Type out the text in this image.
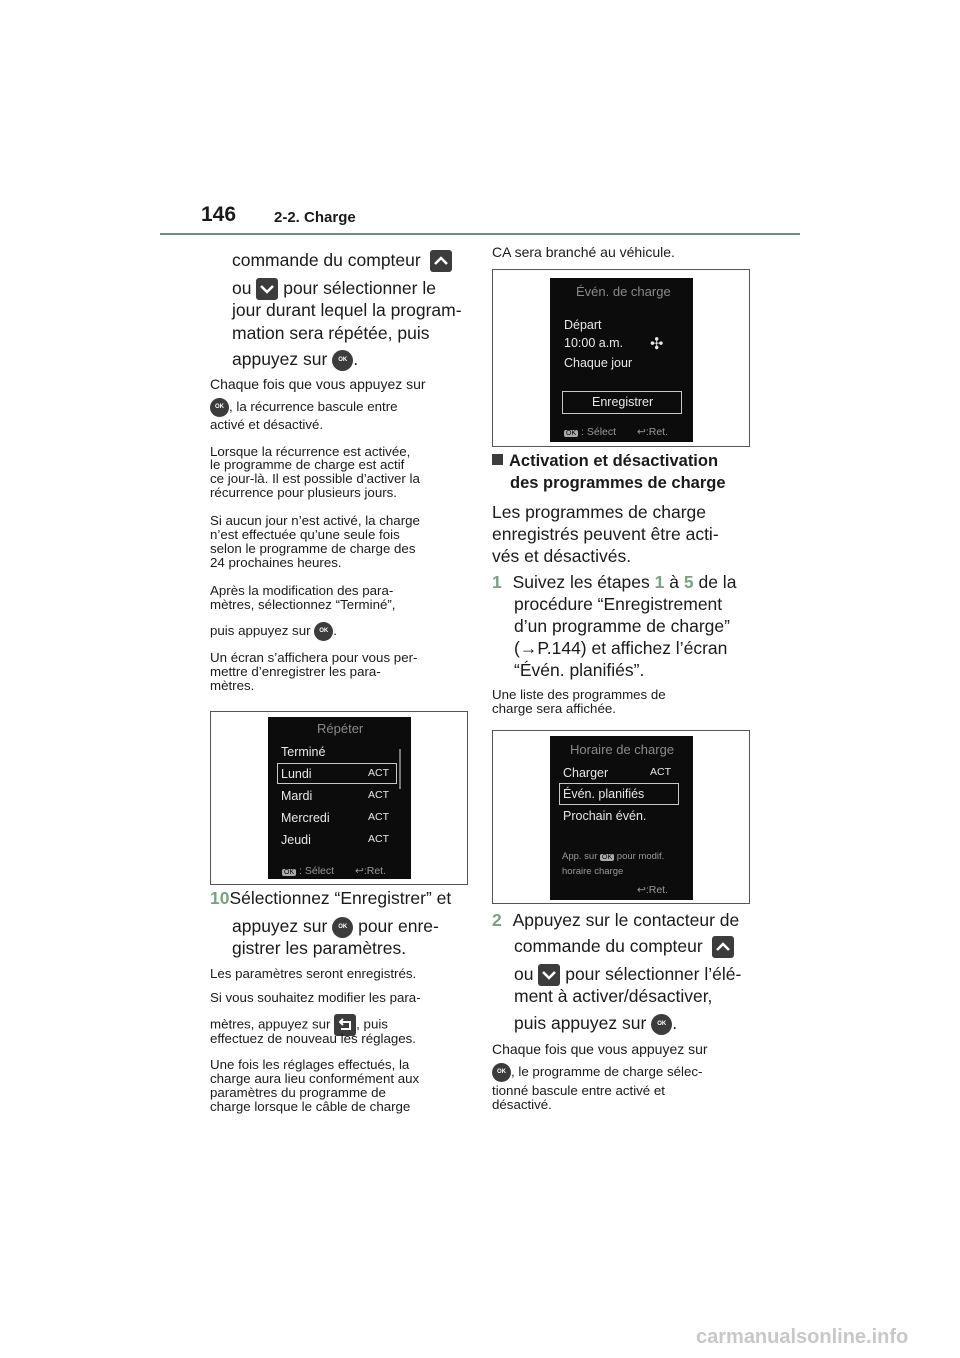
146	2-2. Charge
commande du compteur
ou pour sélectionner le
jour durant lequel la program-
mation sera répétée, puis
appuyez sur OK .
Chaque fois que vous appuyez sur
OK , la récurrence bascule entre
activé et désactivé.
Lorsque la récurrence est activée,
le programme de charge est actif
ce jour-là. Il est possible d’activer la
récurrence pour plusieurs jours.
Si aucun jour n’est activé, la charge
n’est effectuée qu’une seule fois
selon le programme de charge des
24 prochaines heures.
Après la modification des para-
mètres, sélectionnez “Terminé”,
puis appuyez sur OK .
Un écran s’affichera pour vous per-
mettre d’enregistrer les para-
mètres.
Répéter
Terminé
Lundi	ACT
Mardi	ACT
Mercredi	ACT
Jeudi	ACT
OK : Sélect ↩:Ret.
10Sélectionnez “Enregistrer” et
appuyez sur OK pour enre-
gistrer les paramètres.
Les paramètres seront enregistrés.
Si vous souhaitez modifier les para-
mètres, appuyez sur , puis
effectuez de nouveau les réglages.
Une fois les réglages effectués, la
charge aura lieu conformément aux
paramètres du programme de
charge lorsque le câble de charge
CA sera branché au véhicule.
Évén. de charge
Départ
10:00 a.m.
Chaque jour
✣
Enregistrer
OK : Sélect ↩:Ret.
Activation et désactivation
des programmes de charge
Les programmes de charge
enregistrés peuvent être acti-
vés et désactivés.
1 Suivez les étapes 1 à 5 de la
procédure “Enregistrement
d’un programme de charge”
(→P.144) et affichez l’écran
“Évén. planifiés”.
Une liste des programmes de
charge sera affichée.
Horaire de charge
Charger	ACT
Évén. planifiés
Prochain évén.
App. sur OK pour modif.
horaire charge
↩:Ret.
2 Appuyez sur le contacteur de
commande du compteur
ou pour sélectionner l’élé-
ment à activer/désactiver,
puis appuyez sur OK .
Chaque fois que vous appuyez sur
OK , le programme de charge sélec-
tionné bascule entre activé et
désactivé.
carmanualsonline.info
